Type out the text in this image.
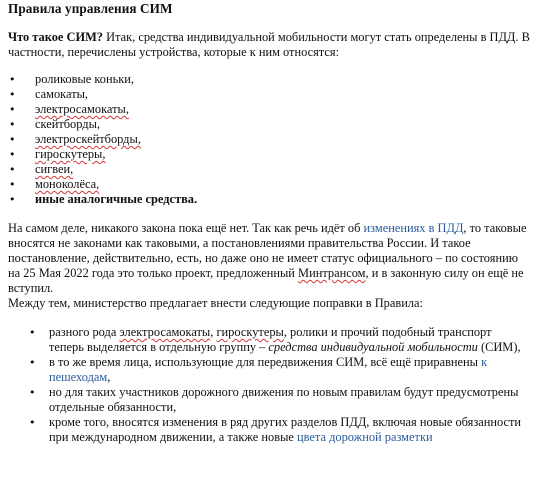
Правила управления СИМ
Что такое СИМ? Итак, средства индивидуальной мобильности могут стать определены в ПДД. В частности, перечислены устройства, которые к ним относятся:
• роликовые коньки,
• самокаты,
• электросамокаты,
• скейтборды,
• электроскейтборды,
• гироскутеры,
• сигвеи,
• моноколёса,
• иные аналогичные средства.

На самом деле, никакого закона пока ещё нет. Так как речь идёт об изменениях в ПДД, то таковые вносятся не законами как таковыми, а постановлениями правительства России. И такое постановление, действительно, есть, но даже оно не имеет статус официального – по состоянию на 25 Мая 2022 года это только проект, предложенный Минтрансом, и в законную силу он ещё не вступил.

Между тем, министерство предлагает внести следующие поправки в Правила:

• разного рода электросамокаты, гироскутеры, ролики и прочий подобный транспорт теперь выделяется в отдельную группу – средства индивидуальной мобильности (СИМ),
• в то же время лица, использующие для передвижения СИМ, всё ещё приравнены к пешеходам,
• но для таких участников дорожного движения по новым правилам будут предусмотрены отдельные обязанности,
• кроме того, вносятся изменения в ряд других разделов ПДД, включая новые обязанности при международном движении, а также новые цвета дорожной разметки
